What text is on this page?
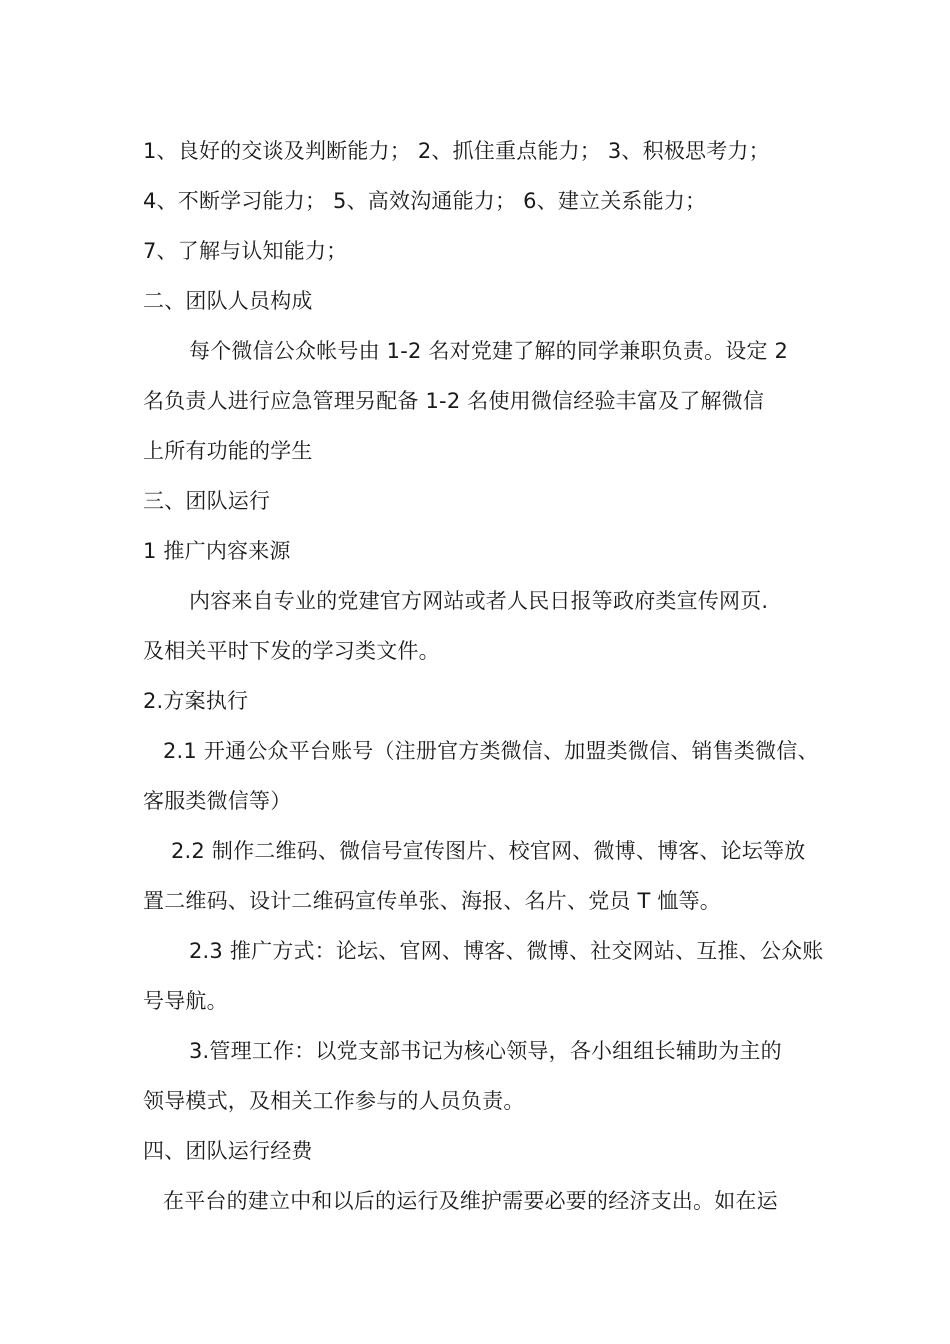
1、良好的交谈及判断能力； 2、抓住重点能力； 3、积极思考力；
4、不断学习能力； 5、高效沟通能力； 6、建立关系能力；
7、了解与认知能力；
二、团队人员构成
每个微信公众帐号由 1-2 名对党建了解的同学兼职负责。设定 2
名负责人进行应急管理另配备 1-2 名使用微信经验丰富及了解微信
上所有功能的学生
三、团队运行
1 推广内容来源
内容来自专业的党建官方网站或者人民日报等政府类宣传网页.
及相关平时下发的学习类文件。
2.方案执行
2.1 开通公众平台账号（注册官方类微信、加盟类微信、销售类微信、
客服类微信等）
2.2 制作二维码、微信号宣传图片、校官网、微博、博客、论坛等放
置二维码、设计二维码宣传单张、海报、名片、党员 T 恤等。
2.3 推广方式：论坛、官网、博客、微博、社交网站、互推、公众账
号导航。
3.管理工作：以党支部书记为核心领导，各小组组长辅助为主的
领导模式，及相关工作参与的人员负责。
四、团队运行经费
在平台的建立中和以后的运行及维护需要必要的经济支出。如在运
